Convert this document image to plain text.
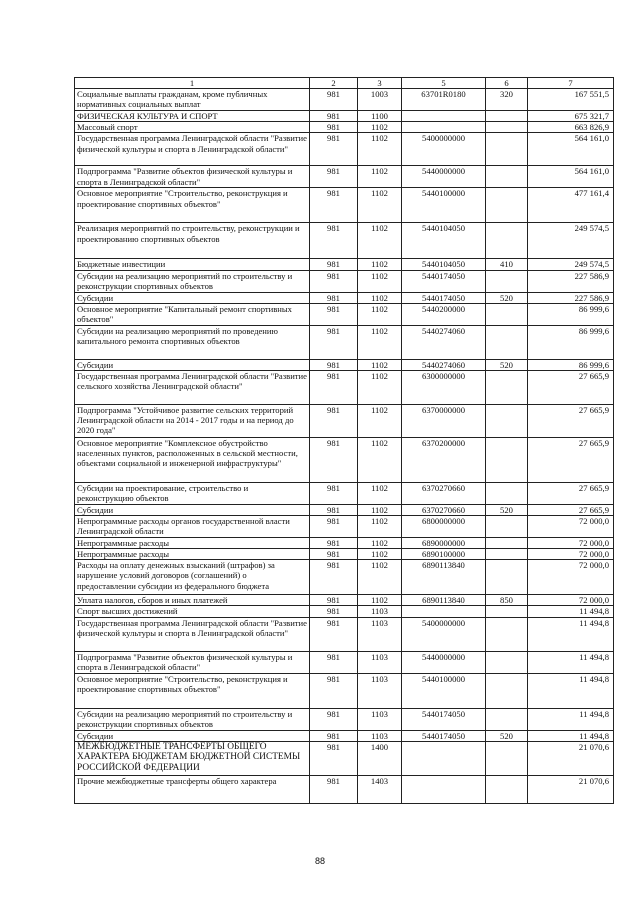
1	2	3	5	6	7
Социальные выплаты гражданам, кроме публичных нормативных социальных выплат	981	1003	63701R0180	320	167 551,5
ФИЗИЧЕСКАЯ КУЛЬТУРА И СПОРТ	981	1100			675 321,7
Массовый спорт	981	1102			663 826,9
Государственная программа Ленинградской области "Развитие физической культуры и спорта в Ленинградской области"	981	1102	5400000000		564 161,0
Подпрограмма "Развитие объектов физической культуры и спорта в Ленинградской области"	981	1102	5440000000		564 161,0
Основное мероприятие "Строительство, реконструкция и проектирование спортивных объектов"	981	1102	5440100000		477 161,4
Реализация мероприятий по строительству, реконструкции и проектированию спортивных объектов	981	1102	5440104050		249 574,5
Бюджетные инвестиции	981	1102	5440104050	410	249 574,5
Субсидии на реализацию мероприятий по строительству и реконструкции спортивных объектов	981	1102	5440174050		227 586,9
Субсидии	981	1102	5440174050	520	227 586,9
Основное мероприятие "Капитальный ремонт спортивных объектов"	981	1102	5440200000		86 999,6
Субсидии на реализацию мероприятий по проведению капитального ремонта спортивных объектов	981	1102	5440274060		86 999,6
Субсидии	981	1102	5440274060	520	86 999,6
Государственная программа Ленинградской области "Развитие сельского хозяйства Ленинградской области"	981	1102	6300000000		27 665,9
Подпрограмма "Устойчивое развитие сельских территорий Ленинградской области на 2014 - 2017 годы и на период до 2020 года"	981	1102	6370000000		27 665,9
Основное мероприятие "Комплексное обустройство населенных пунктов, расположенных в сельской местности, объектами социальной и инженерной инфраструктуры"	981	1102	6370200000		27 665,9
Субсидии на проектирование, строительство и реконструкцию объектов	981	1102	6370270660		27 665,9
Субсидии	981	1102	6370270660	520	27 665,9
Непрограммные расходы органов государственной власти Ленинградской области	981	1102	6800000000		72 000,0
Непрограммные расходы	981	1102	6890000000		72 000,0
Непрограммные расходы	981	1102	6890100000		72 000,0
Расходы на оплату денежных взысканий (штрафов) за нарушение условий договоров (соглашений) о предоставлении субсидии из федерального бюджета	981	1102	6890113840		72 000,0
Уплата налогов, сборов и иных платежей	981	1102	6890113840	850	72 000,0
Спорт высших достижений	981	1103			11 494,8
Государственная программа Ленинградской области "Развитие физической культуры и спорта в Ленинградской области"	981	1103	5400000000		11 494,8
Подпрограмма "Развитие объектов физической культуры и спорта в Ленинградской области"	981	1103	5440000000		11 494,8
Основное мероприятие "Строительство, реконструкция и проектирование спортивных объектов"	981	1103	5440100000		11 494,8
Субсидии на реализацию мероприятий по строительству и реконструкции спортивных объектов	981	1103	5440174050		11 494,8
Субсидии	981	1103	5440174050	520	11 494,8
МЕЖБЮДЖЕТНЫЕ ТРАНСФЕРТЫ ОБЩЕГО ХАРАКТЕРА БЮДЖЕТАМ БЮДЖЕТНОЙ СИСТЕМЫ РОССИЙСКОЙ ФЕДЕРАЦИИ	981	1400			21 070,6
Прочие межбюджетные трансферты общего характера	981	1403			21 070,6
88
